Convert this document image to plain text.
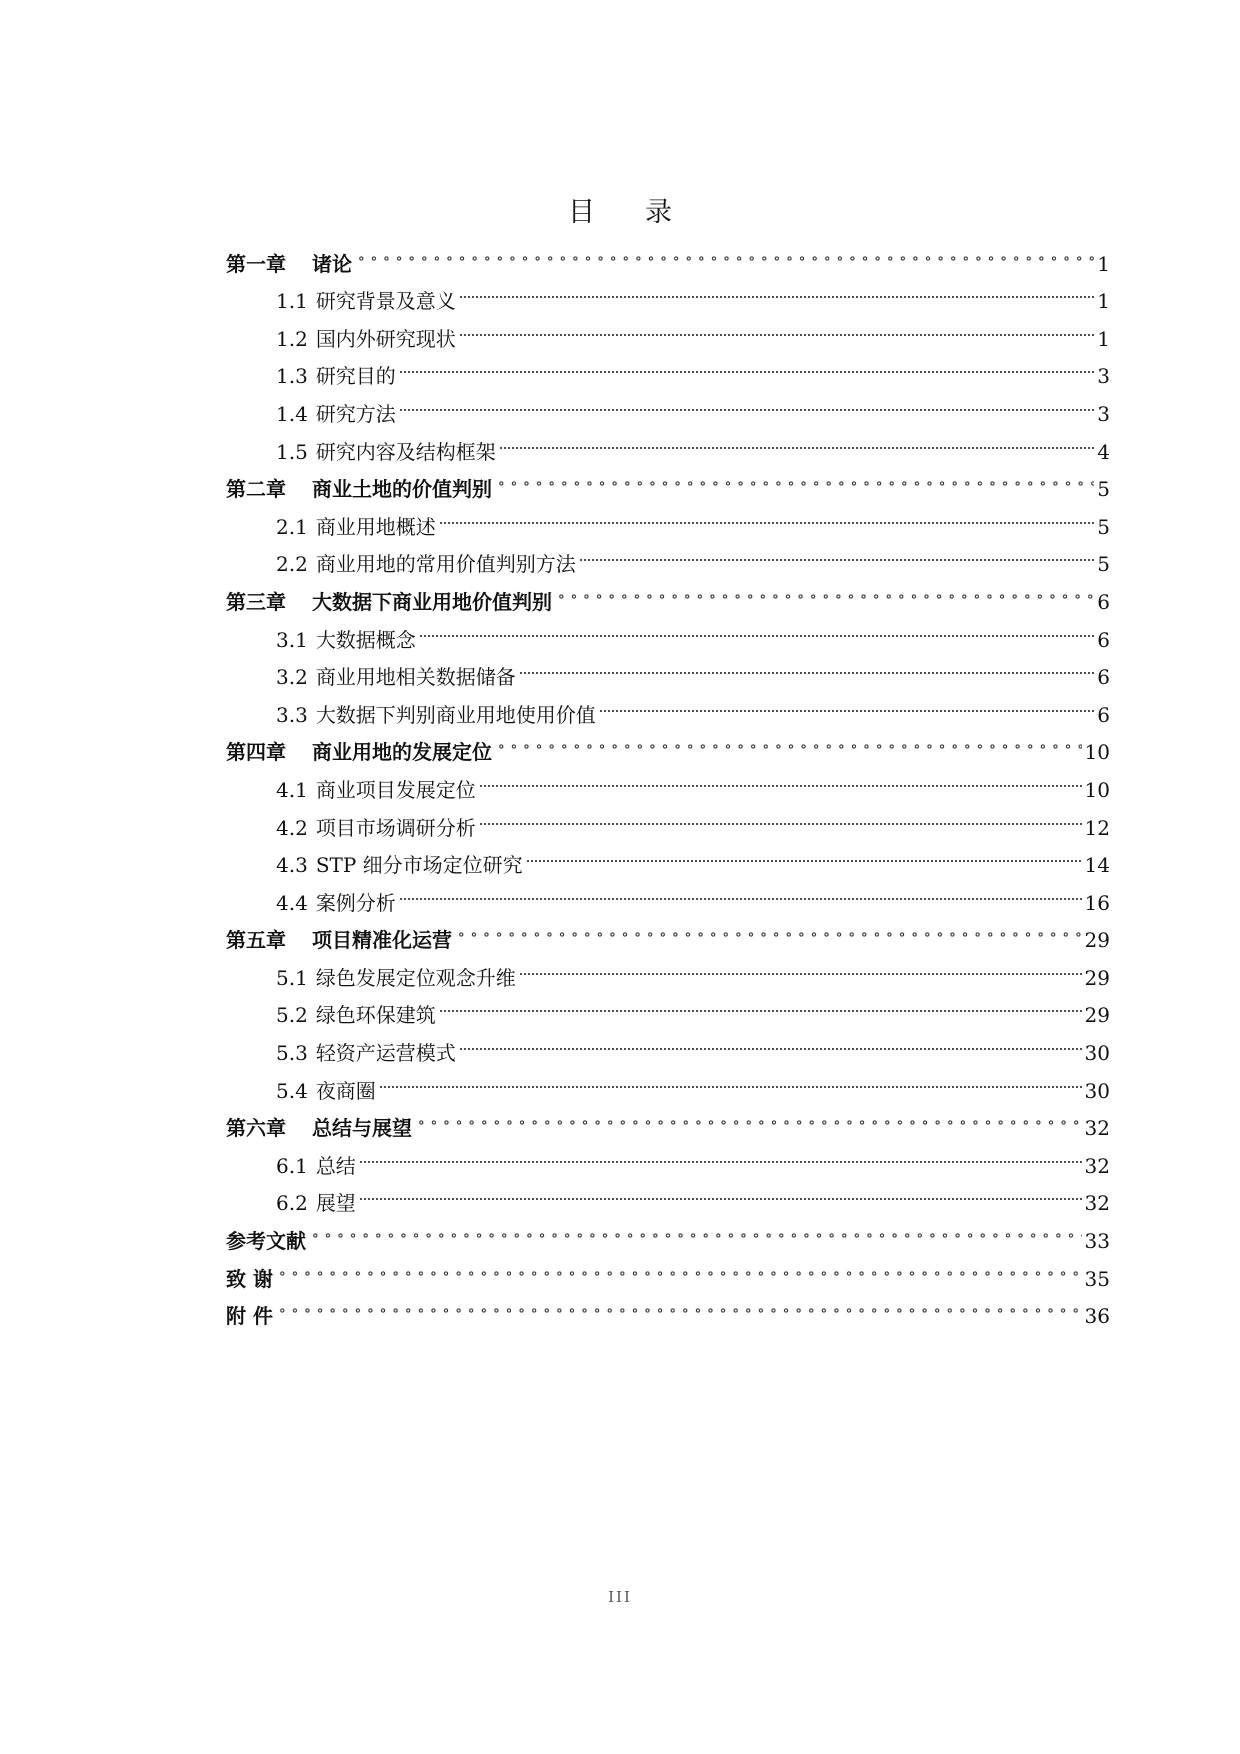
目 录
第一章 诸论	1
1.1 研究背景及意义	1
1.2 国内外研究现状	1
1.3 研究目的	3
1.4 研究方法	3
1.5 研究内容及结构框架	4
第二章 商业土地的价值判别	5
2.1 商业用地概述	5
2.2 商业用地的常用价值判别方法	5
第三章 大数据下商业用地价值判别	6
3.1 大数据概念	6
3.2 商业用地相关数据储备	6
3.3 大数据下判别商业用地使用价值	6
第四章 商业用地的发展定位	10
4.1 商业项目发展定位	10
4.2 项目市场调研分析	12
4.3 STP 细分市场定位研究	14
4.4 案例分析	16
第五章 项目精准化运营	29
5.1 绿色发展定位观念升维	29
5.2 绿色环保建筑	29
5.3 轻资产运营模式	30
5.4 夜商圈	30
第六章 总结与展望	32
6.1 总结	32
6.2 展望	32
参考文献	33
致 谢	35
附 件	36
III
